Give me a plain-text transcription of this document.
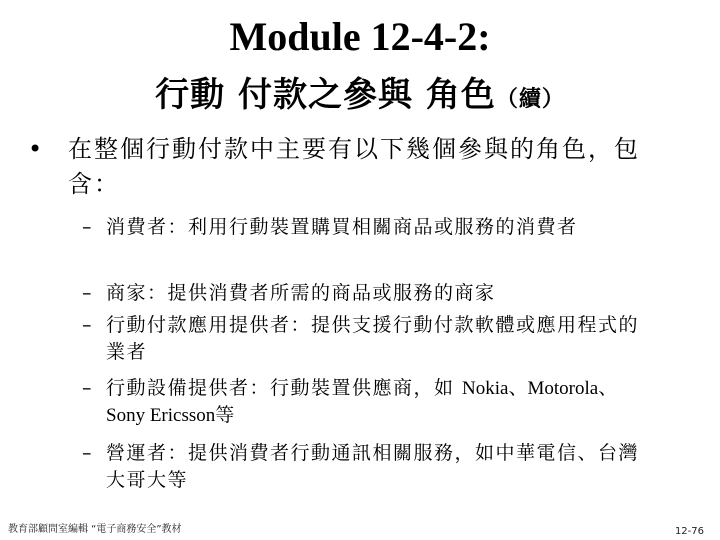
Module 12-4-2:
行動 付款之參與 角色（續）
• 在整個行動付款中主要有以下幾個參與的角色，包含：
– 消費者：利用行動裝置購買相關商品或服務的消費者
– 商家：提供消費者所需的商品或服務的商家
– 行動付款應用提供者：提供支援行動付款軟體或應用程式的業者
– 行動設備提供者：行動裝置供應商，如 Nokia、Motorola、Sony Ericsson等
– 營運者：提供消費者行動通訊相關服務，如中華電信、台灣大哥大等
教育部顧問室編輯 “電子商務安全”教材	12-76
